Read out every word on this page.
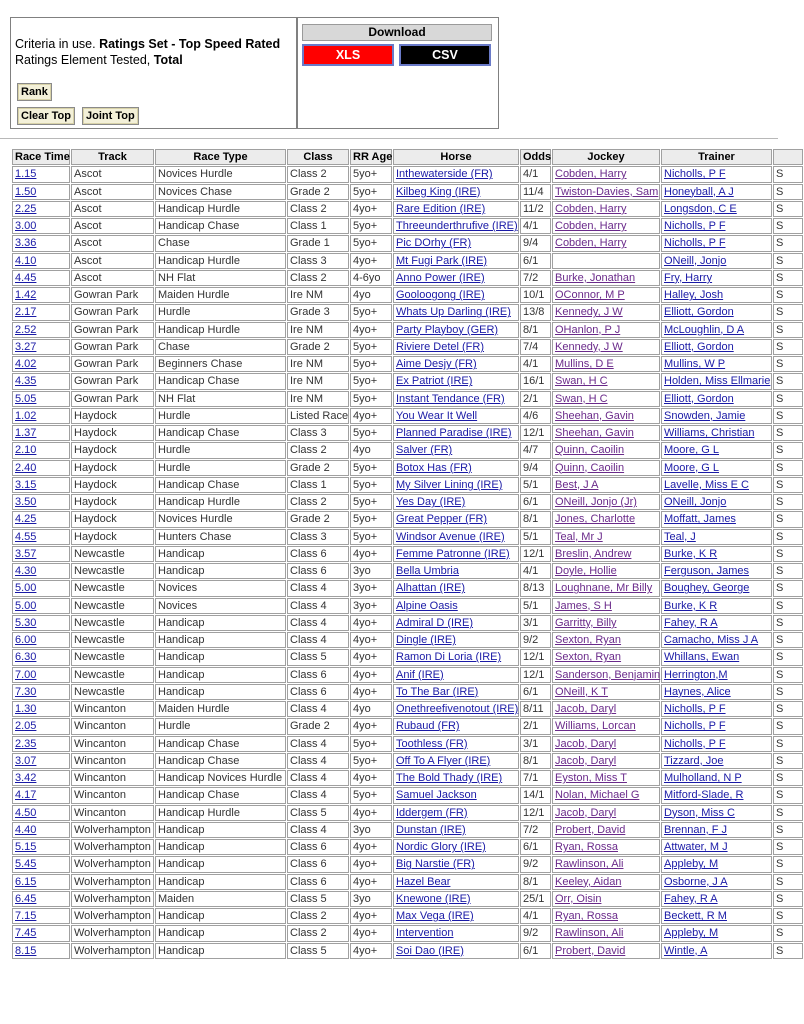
Criteria in use. Ratings Set - Top Speed Rated
Ratings Element Tested, Total
Rank
Clear Top	Joint Top
Download
XLS	CSV
Race Time	Track	Race Type	Class	RR Age	Horse	Odds	Jockey	Trainer	
1.15	Ascot	Novices Hurdle	Class 2	5yo+	Inthewaterside (FR)	4/1	Cobden, Harry	Nicholls, P F	S
1.50	Ascot	Novices Chase	Grade 2	5yo+	Kilbeg King (IRE)	11/4	Twiston-Davies, Sam	Honeyball, A J	S
2.25	Ascot	Handicap Hurdle	Class 2	4yo+	Rare Edition (IRE)	11/2	Cobden, Harry	Longsdon, C E	S
3.00	Ascot	Handicap Chase	Class 1	5yo+	Threeunderthrufive (IRE)	4/1	Cobden, Harry	Nicholls, P F	S
3.36	Ascot	Chase	Grade 1	5yo+	Pic DOrhy (FR)	9/4	Cobden, Harry	Nicholls, P F	S
4.10	Ascot	Handicap Hurdle	Class 3	4yo+	Mt Fugi Park (IRE)	6/1		ONeill, Jonjo	S
4.45	Ascot	NH Flat	Class 2	4-6yo	Anno Power (IRE)	7/2	Burke, Jonathan	Fry, Harry	S
1.42	Gowran Park	Maiden Hurdle	Ire NM	4yo	Gooloogong (IRE)	10/1	OConnor, M P	Halley, Josh	S
2.17	Gowran Park	Hurdle	Grade 3	5yo+	Whats Up Darling (IRE)	13/8	Kennedy, J W	Elliott, Gordon	S
2.52	Gowran Park	Handicap Hurdle	Ire NM	4yo+	Party Playboy (GER)	8/1	OHanlon, P J	McLoughlin, D A	S
3.27	Gowran Park	Chase	Grade 2	5yo+	Riviere Detel (FR)	7/4	Kennedy, J W	Elliott, Gordon	S
4.02	Gowran Park	Beginners Chase	Ire NM	5yo+	Aime Desjy (FR)	4/1	Mullins, D E	Mullins, W P	S
4.35	Gowran Park	Handicap Chase	Ire NM	5yo+	Ex Patriot (IRE)	16/1	Swan, H C	Holden, Miss Ellmarie	S
5.05	Gowran Park	NH Flat	Ire NM	5yo+	Instant Tendance (FR)	2/1	Swan, H C	Elliott, Gordon	S
1.02	Haydock	Hurdle	Listed Race	4yo+	You Wear It Well	4/6	Sheehan, Gavin	Snowden, Jamie	S
1.37	Haydock	Handicap Chase	Class 3	5yo+	Planned Paradise (IRE)	12/1	Sheehan, Gavin	Williams, Christian	S
2.10	Haydock	Hurdle	Class 2	4yo	Salver (FR)	4/7	Quinn, Caoilin	Moore, G L	S
2.40	Haydock	Hurdle	Grade 2	5yo+	Botox Has (FR)	9/4	Quinn, Caoilin	Moore, G L	S
3.15	Haydock	Handicap Chase	Class 1	5yo+	My Silver Lining (IRE)	5/1	Best, J A	Lavelle, Miss E C	S
3.50	Haydock	Handicap Hurdle	Class 2	5yo+	Yes Day (IRE)	6/1	ONeill, Jonjo (Jr)	ONeill, Jonjo	S
4.25	Haydock	Novices Hurdle	Grade 2	5yo+	Great Pepper (FR)	8/1	Jones, Charlotte	Moffatt, James	S
4.55	Haydock	Hunters Chase	Class 3	5yo+	Windsor Avenue (IRE)	5/1	Teal, Mr J	Teal, J	S
3.57	Newcastle	Handicap	Class 6	4yo+	Femme Patronne (IRE)	12/1	Breslin, Andrew	Burke, K R	S
4.30	Newcastle	Handicap	Class 6	3yo	Bella Umbria	4/1	Doyle, Hollie	Ferguson, James	S
5.00	Newcastle	Novices	Class 4	3yo+	Alhattan (IRE)	8/13	Loughnane, Mr Billy	Boughey, George	S
5.00	Newcastle	Novices	Class 4	3yo+	Alpine Oasis	5/1	James, S H	Burke, K R	S
5.30	Newcastle	Handicap	Class 4	4yo+	Admiral D (IRE)	3/1	Garritty, Billy	Fahey, R A	S
6.00	Newcastle	Handicap	Class 4	4yo+	Dingle (IRE)	9/2	Sexton, Ryan	Camacho, Miss J A	S
6.30	Newcastle	Handicap	Class 5	4yo+	Ramon Di Loria (IRE)	12/1	Sexton, Ryan	Whillans, Ewan	S
7.00	Newcastle	Handicap	Class 6	4yo+	Anif (IRE)	12/1	Sanderson, Benjamin	Herrington,M	S
7.30	Newcastle	Handicap	Class 6	4yo+	To The Bar (IRE)	6/1	ONeill, K T	Haynes, Alice	S
1.30	Wincanton	Maiden Hurdle	Class 4	4yo	Onethreefivenotout (IRE)	8/11	Jacob, Daryl	Nicholls, P F	S
2.05	Wincanton	Hurdle	Grade 2	4yo+	Rubaud (FR)	2/1	Williams, Lorcan	Nicholls, P F	S
2.35	Wincanton	Handicap Chase	Class 4	5yo+	Toothless (FR)	3/1	Jacob, Daryl	Nicholls, P F	S
3.07	Wincanton	Handicap Chase	Class 4	5yo+	Off To A Flyer (IRE)	8/1	Jacob, Daryl	Tizzard, Joe	S
3.42	Wincanton	Handicap Novices Hurdle	Class 4	4yo+	The Bold Thady (IRE)	7/1	Eyston, Miss T	Mulholland, N P	S
4.17	Wincanton	Handicap Chase	Class 4	5yo+	Samuel Jackson	14/1	Nolan, Michael G	Mitford-Slade, R	S
4.50	Wincanton	Handicap Hurdle	Class 5	4yo+	Iddergem (FR)	12/1	Jacob, Daryl	Dyson, Miss C	S
4.40	Wolverhampton	Handicap	Class 4	3yo	Dunstan (IRE)	7/2	Probert, David	Brennan, F J	S
5.15	Wolverhampton	Handicap	Class 6	4yo+	Nordic Glory (IRE)	6/1	Ryan, Rossa	Attwater, M J	S
5.45	Wolverhampton	Handicap	Class 6	4yo+	Big Narstie (FR)	9/2	Rawlinson, Ali	Appleby, M	S
6.15	Wolverhampton	Handicap	Class 6	4yo+	Hazel Bear	8/1	Keeley, Aidan	Osborne, J A	S
6.45	Wolverhampton	Maiden	Class 5	3yo	Knewone (IRE)	25/1	Orr, Oisin	Fahey, R A	S
7.15	Wolverhampton	Handicap	Class 2	4yo+	Max Vega (IRE)	4/1	Ryan, Rossa	Beckett, R M	S
7.45	Wolverhampton	Handicap	Class 2	4yo+	Intervention	9/2	Rawlinson, Ali	Appleby, M	S
8.15	Wolverhampton	Handicap	Class 5	4yo+	Soi Dao (IRE)	6/1	Probert, David	Wintle, A	S
